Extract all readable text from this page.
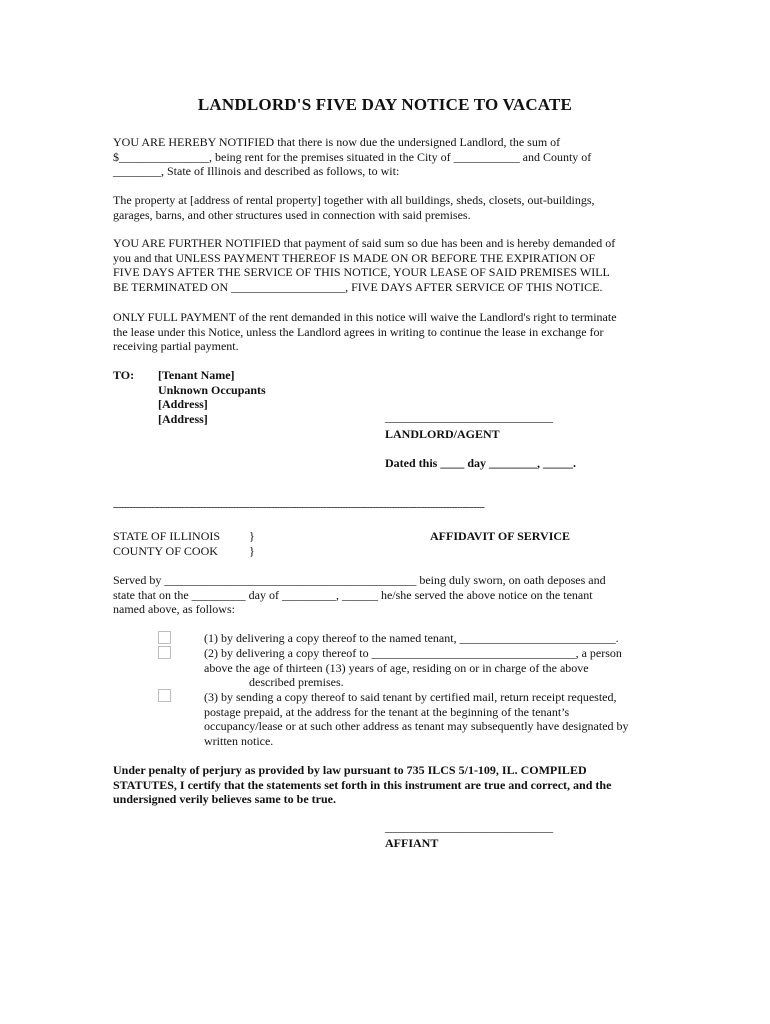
LANDLORD'S FIVE DAY NOTICE TO VACATE
YOU ARE HEREBY NOTIFIED that there is now due the undersigned Landlord, the sum of
$_______________, being rent for the premises situated in the City of ___________ and County of
________, State of Illinois and described as follows, to wit:
The property at [address of rental property] together with all buildings, sheds, closets, out-buildings,
garages, barns, and other structures used in connection with said premises.
YOU ARE FURTHER NOTIFIED that payment of said sum so due has been and is hereby demanded of
you and that UNLESS PAYMENT THEREOF IS MADE ON OR BEFORE THE EXPIRATION OF
FIVE DAYS AFTER THE SERVICE OF THIS NOTICE, YOUR LEASE OF SAID PREMISES WILL
BE TERMINATED ON ___________________, FIVE DAYS AFTER SERVICE OF THIS NOTICE.
ONLY FULL PAYMENT of the rent demanded in this notice will waive the Landlord's right to terminate
the lease under this Notice, unless the Landlord agrees in writing to continue the lease in exchange for
receiving partial payment.
TO: [Tenant Name]
Unknown Occupants
[Address]
[Address]	____________________________
LANDLORD/AGENT
Dated this ____ day ________, _____.
----------------------------------------------------------------------------------------------------------------------------------------
STATE OF ILLINOIS
COUNTY OF COOK
}
}
AFFIDAVIT OF SERVICE
Served by __________________________________________ being duly sworn, on oath deposes and
state that on the _________ day of _________, ______ he/she served the above notice on the tenant
named above, as follows:
(1) by delivering a copy thereof to the named tenant, __________________________.
(2) by delivering a copy thereof to __________________________________, a person
above the age of thirteen (13) years of age, residing on or in charge of the above
described premises.
(3) by sending a copy thereof to said tenant by certified mail, return receipt requested,
postage prepaid, at the address for the tenant at the beginning of the tenant’s
occupancy/lease or at such other address as tenant may subsequently have designated by
written notice.
Under penalty of perjury as provided by law pursuant to 735 ILCS 5/1-109, IL. COMPILED
STATUTES, I certify that the statements set forth in this instrument are true and correct, and the
undersigned verily believes same to be true.
____________________________
AFFIANT
